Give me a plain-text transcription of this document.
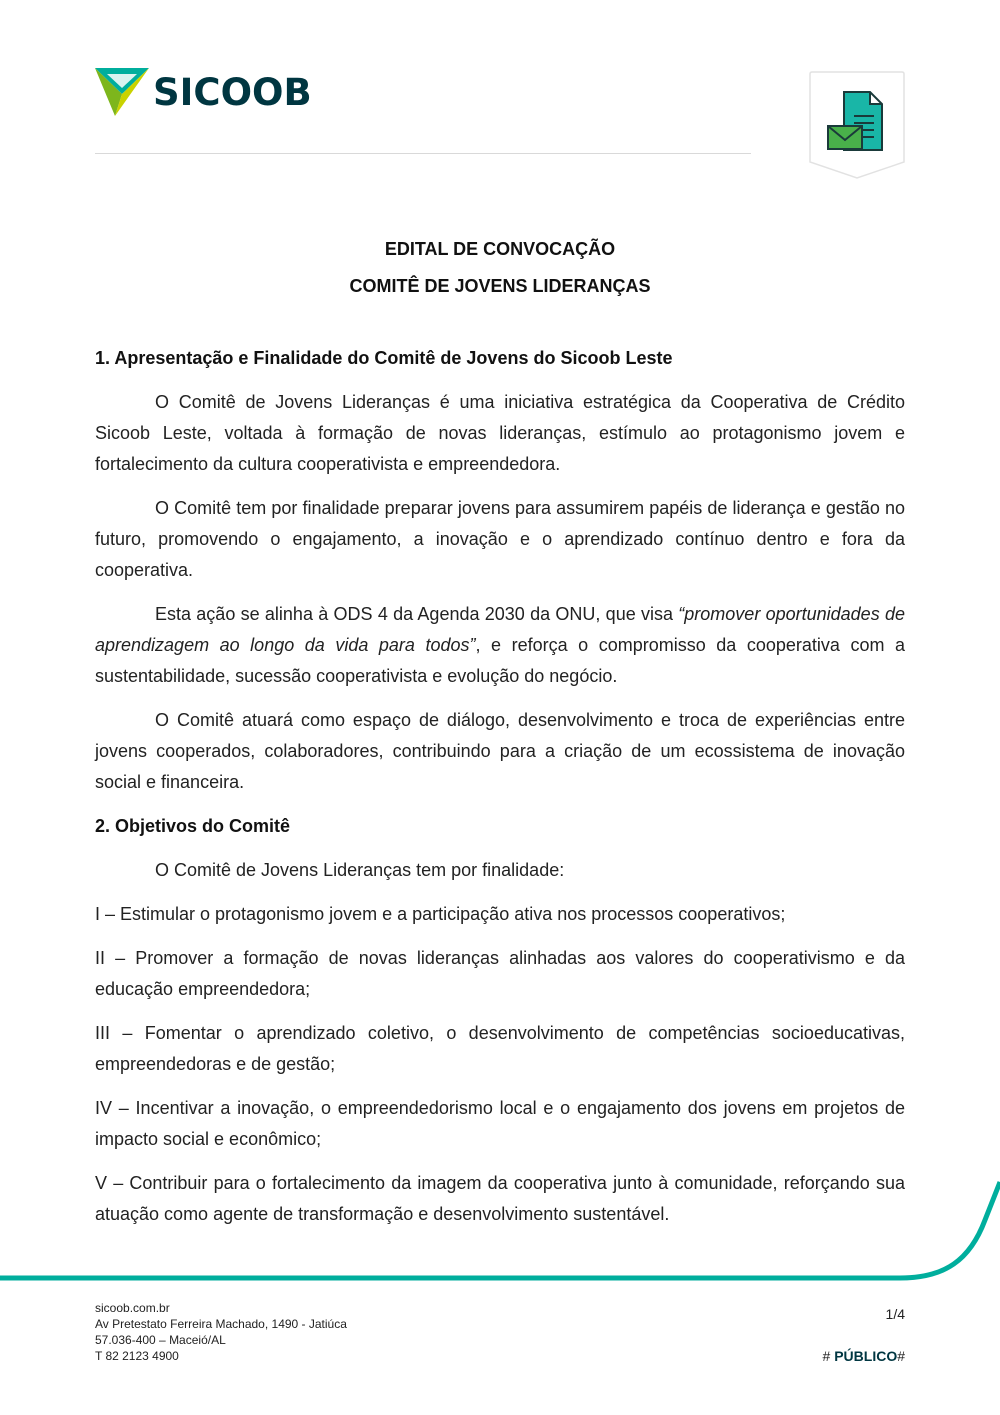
SICOOB
EDITAL DE CONVOCAÇÃO
COMITÊ DE JOVENS LIDERANÇAS
1. Apresentação e Finalidade do Comitê de Jovens do Sicoob Leste

O Comitê de Jovens Lideranças é uma iniciativa estratégica da Cooperativa de Crédito Sicoob Leste, voltada à formação de novas lideranças, estímulo ao protagonismo jovem e fortalecimento da cultura cooperativista e empreendedora.

O Comitê tem por finalidade preparar jovens para assumirem papéis de liderança e gestão no futuro, promovendo o engajamento, a inovação e o aprendizado contínuo dentro e fora da cooperativa.

Esta ação se alinha à ODS 4 da Agenda 2030 da ONU, que visa “promover oportunidades de aprendizagem ao longo da vida para todos”, e reforça o compromisso da cooperativa com a sustentabilidade, sucessão cooperativista e evolução do negócio.

O Comitê atuará como espaço de diálogo, desenvolvimento e troca de experiências entre jovens cooperados, colaboradores, contribuindo para a criação de um ecossistema de inovação social e financeira.

2. Objetivos do Comitê

O Comitê de Jovens Lideranças tem por finalidade:

I – Estimular o protagonismo jovem e a participação ativa nos processos cooperativos;

II – Promover a formação de novas lideranças alinhadas aos valores do cooperativismo e da educação empreendedora;

III – Fomentar o aprendizado coletivo, o desenvolvimento de competências socioeducativas, empreendedoras e de gestão;

IV – Incentivar a inovação, o empreendedorismo local e o engajamento dos jovens em projetos de impacto social e econômico;

V – Contribuir para o fortalecimento da imagem da cooperativa junto à comunidade, reforçando sua atuação como agente de transformação e desenvolvimento sustentável.

sicoob.com.br
Av Pretestato Ferreira Machado, 1490 - Jatiúca
57.036-400 – Maceió/AL
T 82 2123 4900
1/4
# PÚBLICO#
